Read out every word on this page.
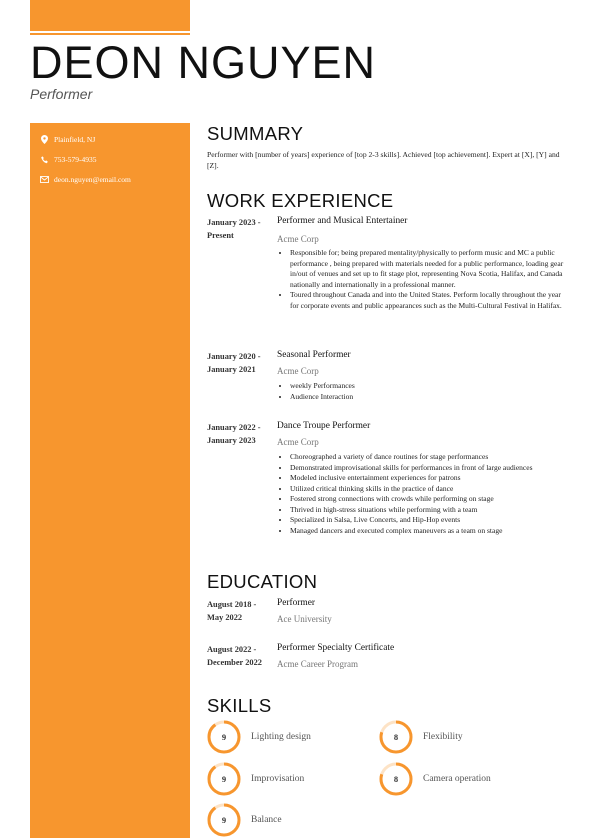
DEON NGUYEN
Performer
Plainfield, NJ
753-579-4935
deon.nguyen@email.com
SUMMARY
Performer with [number of years] experience of [top 2-3 skills]. Achieved [top achievement]. Expert at [X], [Y] and [Z].
WORK EXPERIENCE
January 2023 - Present
Performer and Musical Entertainer
Acme Corp
• Responsible for; being prepared mentality/physically to perform music and MC a public performance , being prepared with materials needed for a public performance, loading gear in/out of venues and set up to fit stage plot, representing Nova Scotia, Halifax, and Canada nationally and internationally in a professional manner.
• Toured throughout Canada and into the United States. Perform locally throughout the year for corporate events and public appearances such as the Multi-Cultural Festival in Halifax.
January 2020 - January 2021
Seasonal Performer
Acme Corp
• weekly Performances
• Audience Interaction
January 2022 - January 2023
Dance Troupe Performer
Acme Corp
• Choreographed a variety of dance routines for stage performances
• Demonstrated improvisational skills for performances in front of large audiences
• Modeled inclusive entertainment experiences for patrons
• Utilized critical thinking skills in the practice of dance
• Fostered strong connections with crowds while performing on stage
• Thrived in high-stress situations while performing with a team
• Specialized in Salsa, Live Concerts, and Hip-Hop events
• Managed dancers and executed complex maneuvers as a team on stage
EDUCATION
August 2018 - May 2022
Performer
Ace University
August 2022 - December 2022
Performer Specialty Certificate
Acme Career Program
SKILLS
9	Lighting design	8	Flexibility
9	Improvisation	8	Camera operation
9	Balance
